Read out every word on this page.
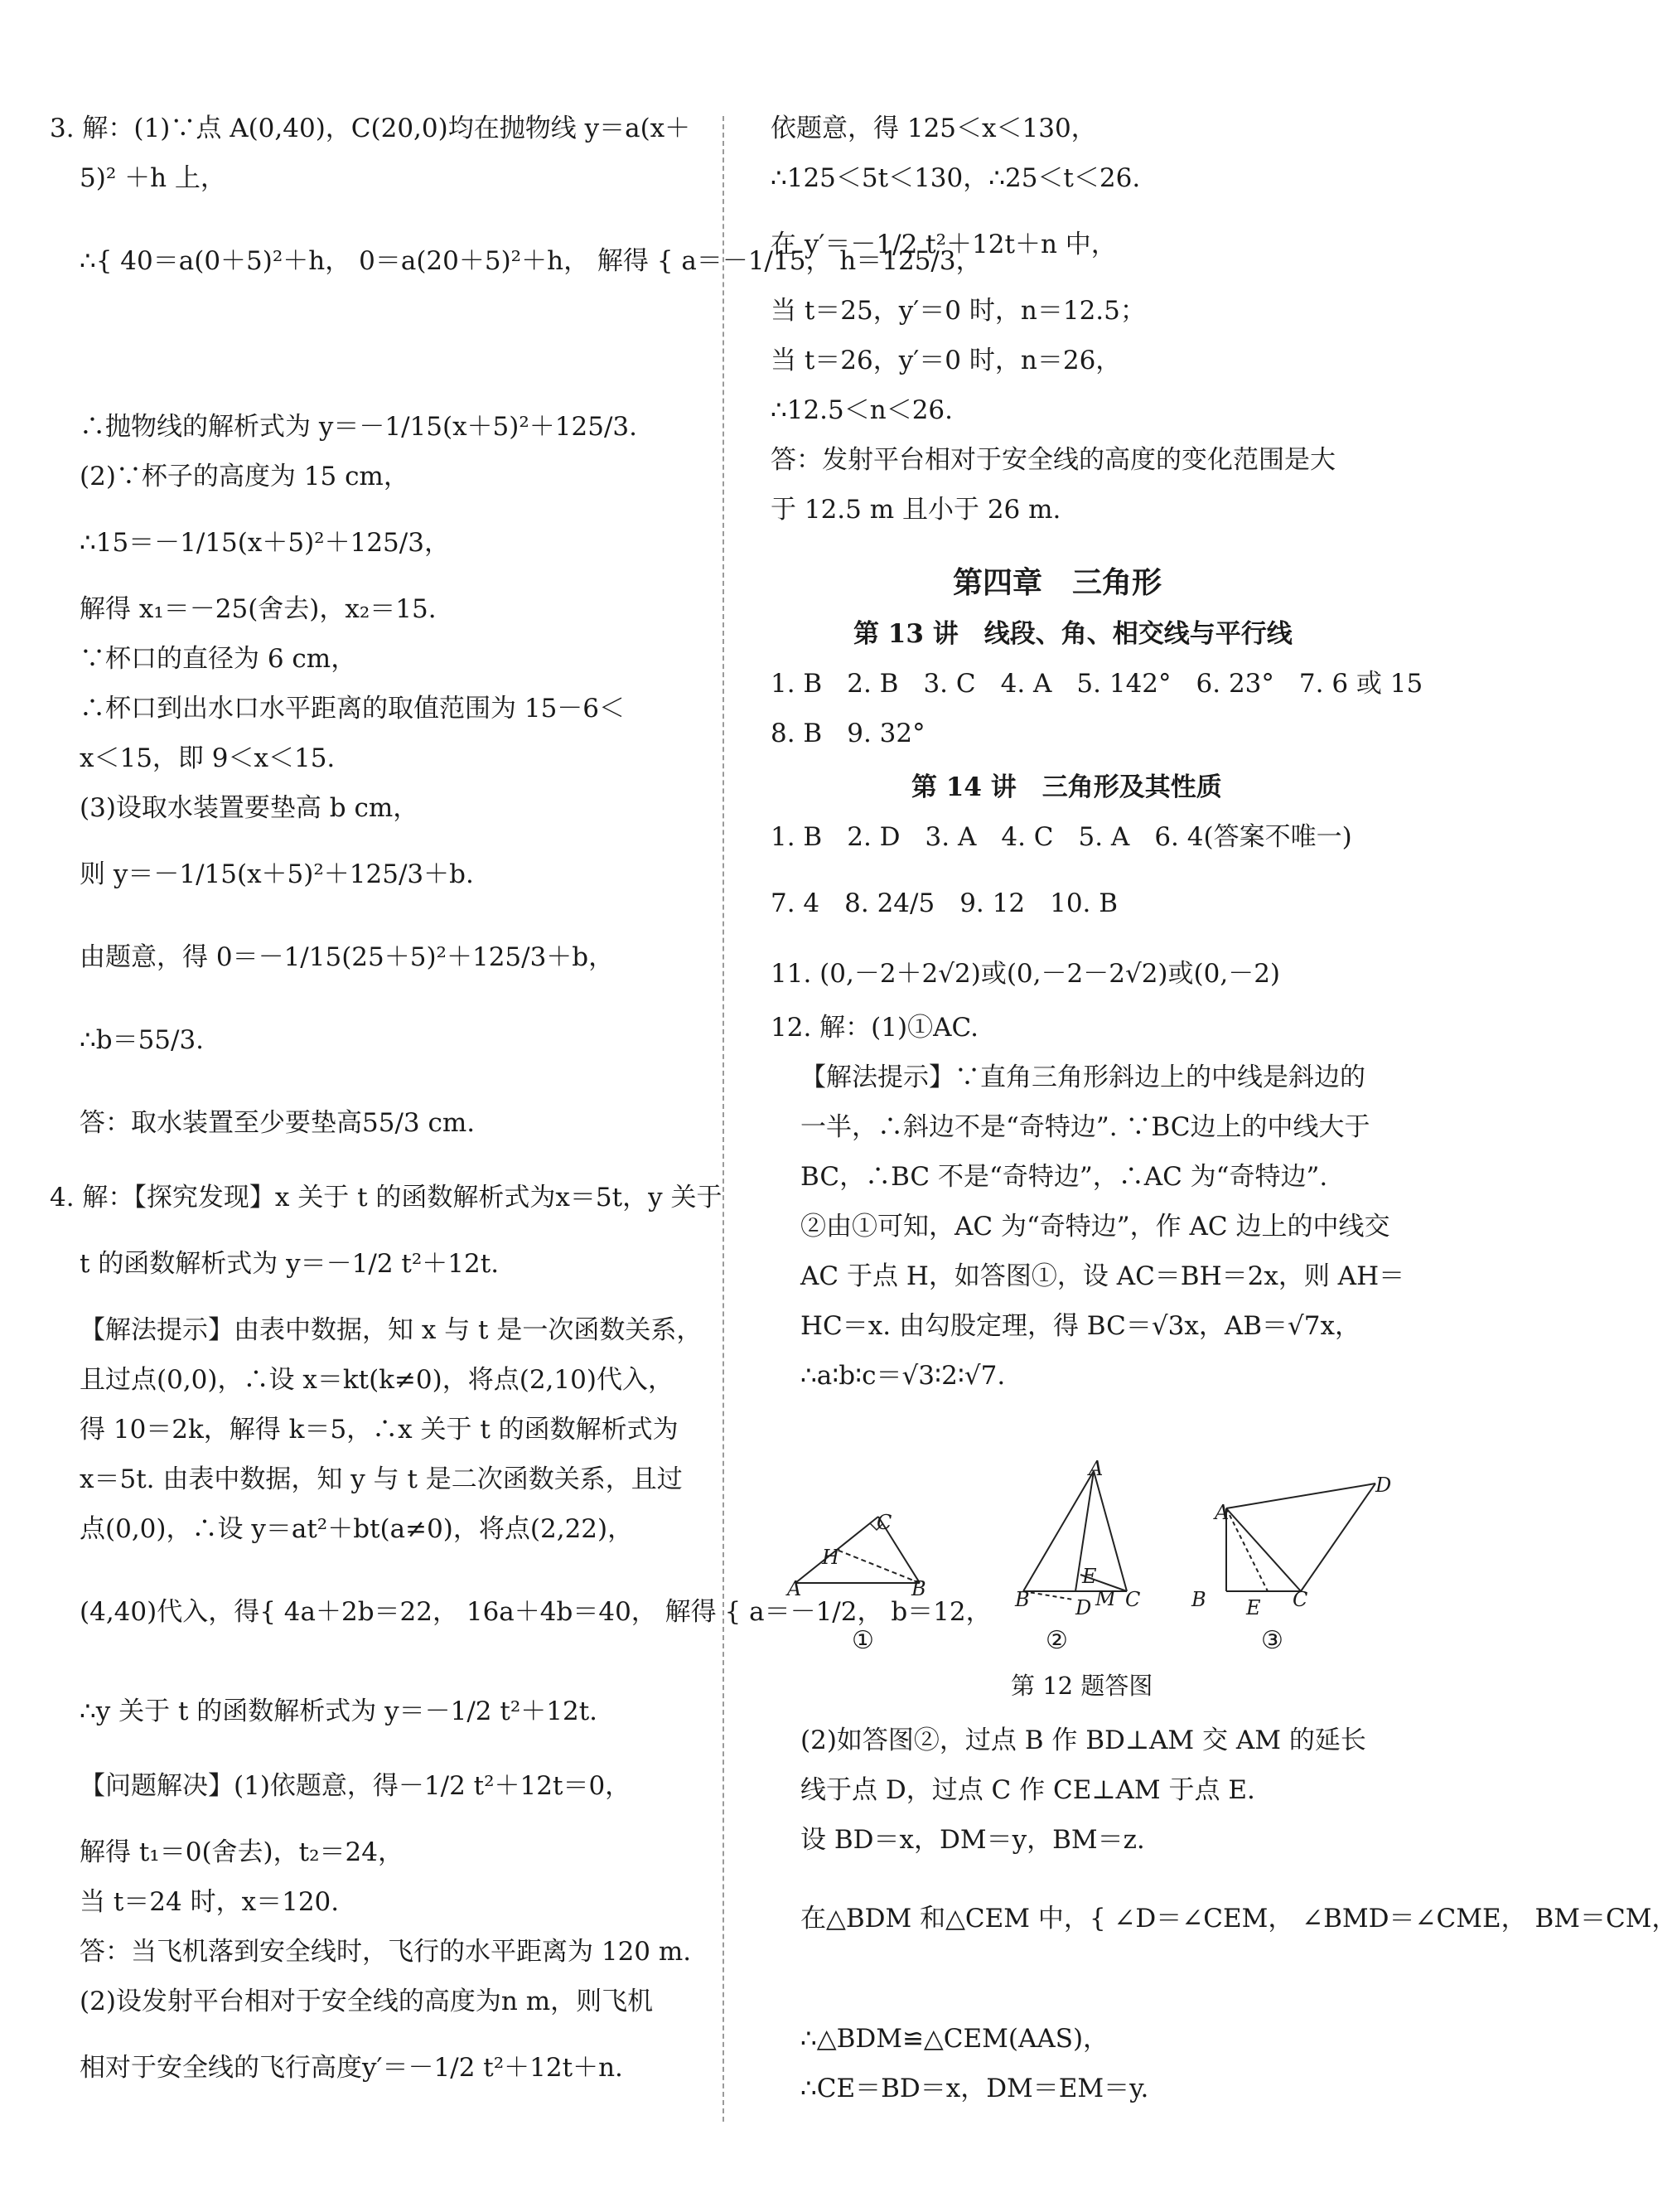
3. 解：(1)∵点 A(0,40)，C(20,0)均在抛物线 y＝a(x＋
5)² ＋h 上，
∴{ 40＝a(0＋5)²＋h， 0＝a(20＋5)²＋h， 解得 { a＝－1/15， h＝125/3，
∴抛物线的解析式为 y＝－1/15(x＋5)²＋125/3.
(2)∵杯子的高度为 15 cm，
∴15＝－1/15(x＋5)²＋125/3，
解得 x₁＝－25(舍去)，x₂＝15.
∵杯口的直径为 6 cm，
∴杯口到出水口水平距离的取值范围为 15－6＜
x＜15，即 9＜x＜15.
(3)设取水装置要垫高 b cm，
则 y＝－1/15(x＋5)²＋125/3＋b.
由题意，得 0＝－1/15(25＋5)²＋125/3＋b，
∴b＝55/3.
答：取水装置至少要垫高55/3 cm.
4. 解：【探究发现】x 关于 t 的函数解析式为x＝5t，y 关于
t 的函数解析式为 y＝－1/2 t²＋12t.
【解法提示】由表中数据，知 x 与 t 是一次函数关系，
且过点(0,0)，∴设 x＝kt(k≠0)，将点(2,10)代入，
得 10＝2k，解得 k＝5，∴x 关于 t 的函数解析式为
x＝5t. 由表中数据，知 y 与 t 是二次函数关系，且过
点(0,0)，∴设 y＝at²＋bt(a≠0)，将点(2,22)，
(4,40)代入，得{ 4a＋2b＝22， 16a＋4b＝40， 解得 { a＝－1/2， b＝12，
∴y 关于 t 的函数解析式为 y＝－1/2 t²＋12t.
【问题解决】(1)依题意，得－1/2 t²＋12t＝0，
解得 t₁＝0(舍去)，t₂＝24，
当 t＝24 时，x＝120.
答：当飞机落到安全线时，飞行的水平距离为 120 m.
(2)设发射平台相对于安全线的高度为n m，则飞机
相对于安全线的飞行高度y′＝－1/2 t²＋12t＋n.
第四章　三角形
第 13 讲　线段、角、相交线与平行线
1. B 2. B 3. C 4. A 5. 142° 6. 23° 7. 6 或 15
8. B 9. 32°
第 14 讲　三角形及其性质
1. B 2. D 3. A 4. C 5. A 6. 4(答案不唯一)
7. 4 8. 24/5 9. 12 10. B
11. (0,－2＋2√2)或(0,－2－2√2)或(0,－2)
12. 解：(1)①AC.
【解法提示】∵直角三角形斜边上的中线是斜边的
一半，∴斜边不是“奇特边”. ∵BC边上的中线大于
BC，∴BC 不是“奇特边”，∴AC 为“奇特边”.
②由①可知，AC 为“奇特边”，作 AC 边上的中线交
AC 于点 H，如答图①，设 AC＝BH＝2x，则 AH＝
HC＝x. 由勾股定理，得 BC＝√3x，AB＝√7x，
∴a∶b∶c＝√3∶2∶√7.
A	B
C
H
A
B	C
D
E
M
A
B	C
D
E
①	②	③
第 12 题答图
(2)如答图②，过点 B 作 BD⊥AM 交 AM 的延长
线于点 D，过点 C 作 CE⊥AM 于点 E.
设 BD＝x，DM＝y，BM＝z.
在△BDM 和△CEM 中，{ ∠D＝∠CEM， ∠BMD＝∠CME， BM＝CM，
∴△BDM≌△CEM(AAS)，
∴CE＝BD＝x，DM＝EM＝y.
依题意，得 125＜x＜130，
∴125＜5t＜130，∴25＜t＜26.
在 y′＝－1/2 t²＋12t＋n 中，
当 t＝25，y′＝0 时，n＝12.5；
当 t＝26，y′＝0 时，n＝26，
∴12.5＜n＜26.
答：发射平台相对于安全线的高度的变化范围是大
于 12.5 m 且小于 26 m.
